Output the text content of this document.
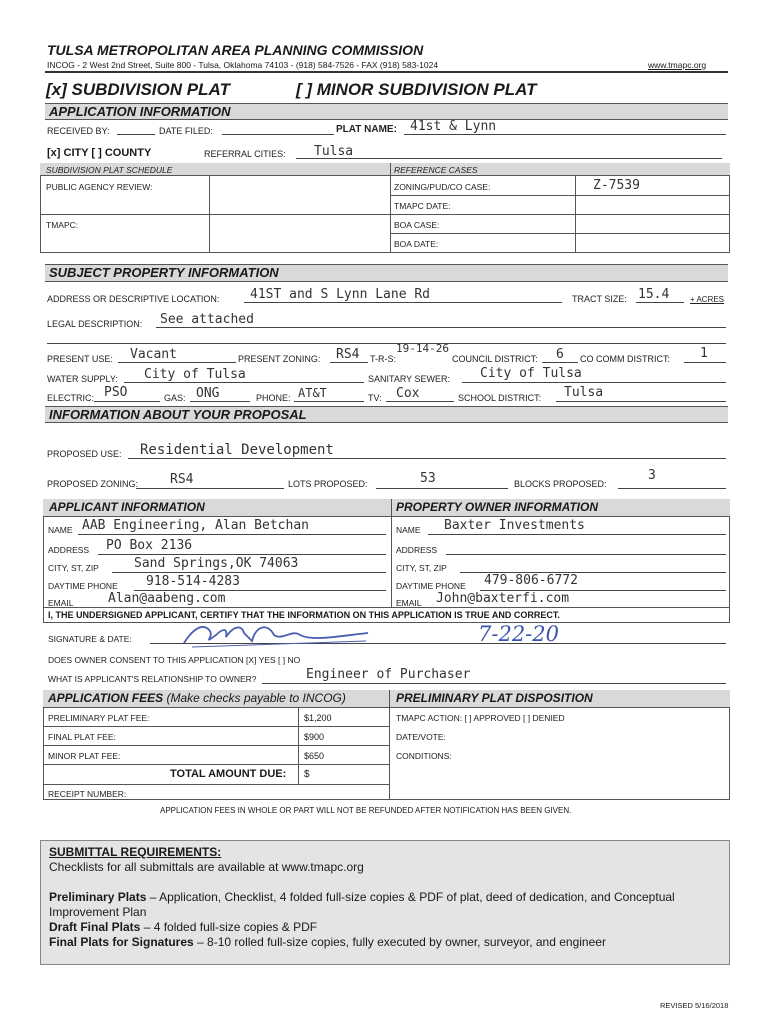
TULSA METROPOLITAN AREA PLANNING COMMISSION
INCOG - 2 West 2nd Street, Suite 800 - Tulsa, Oklahoma 74103 - (918) 584-7526 - FAX (918) 583-1024	www.tmapc.org
[x] SUBDIVISION PLAT	[ ] MINOR SUBDIVISION PLAT
APPLICATION INFORMATION
RECEIVED BY:	DATE FILED:	PLAT NAME: 41st & Lynn
[x] CITY [ ] COUNTY	REFERRAL CITIES: Tulsa
SUBDIVISION PLAT SCHEDULE	REFERENCE CASES
PUBLIC AGENCY REVIEW:
TMAPC:
ZONING/PUD/CO CASE:	Z-7539
TMAPC DATE:
BOA CASE:
BOA DATE:
SUBJECT PROPERTY INFORMATION
ADDRESS OR DESCRIPTIVE LOCATION: 41ST and S Lynn Lane Rd	TRACT SIZE: 15.4	+ ACRES
LEGAL DESCRIPTION: See attached
PRESENT USE: Vacant	PRESENT ZONING: RS4 T-R-S:
19-14-26
COUNCIL DISTRICT: 6 CO COMM DISTRICT: 1
WATER SUPPLY: City of Tulsa	SANITARY SEWER: City of Tulsa
ELECTRIC: PSO	GAS: ONG	PHONE: AT&T	TV: Cox	SCHOOL DISTRICT: Tulsa
INFORMATION ABOUT YOUR PROPOSAL
PROPOSED USE: Residential Development
PROPOSED ZONING: RS4	LOTS PROPOSED:	53	BLOCKS PROPOSED:
3
APPLICANT INFORMATION	PROPERTY OWNER INFORMATION
NAME AAB Engineering, Alan Betchan
ADDRESS PO Box 2136
CITY, ST, ZIP	Sand Springs,OK 74063
DAYTIME PHONE 918-514-4283
EMAIL	Alan@aabeng.com
NAME Baxter Investments
ADDRESS
CITY, ST, ZIP
DAYTIME PHONE 479-806-6772
EMAIL John@baxterfi.com
I, THE UNDERSIGNED APPLICANT, CERTIFY THAT THE INFORMATION ON THIS APPLICATION IS TRUE AND CORRECT.
SIGNATURE & DATE:	7-22-20
DOES OWNER CONSENT TO THIS APPLICATION [X] YES [ ] NO
WHAT IS APPLICANT'S RELATIONSHIP TO OWNER?	Engineer of Purchaser
APPLICATION FEES (Make checks payable to INCOG)	PRELIMINARY PLAT DISPOSITION
PRELIMINARY PLAT FEE:	$1,200
FINAL PLAT FEE:	$900
MINOR PLAT FEE:	$650
TOTAL AMOUNT DUE: $
RECEIPT NUMBER:
TMAPC ACTION: [ ] APPROVED [ ] DENIED
DATE/VOTE:
CONDITIONS:
APPLICATION FEES IN WHOLE OR PART WILL NOT BE REFUNDED AFTER NOTIFICATION HAS BEEN GIVEN.
SUBMITTAL REQUIREMENTS:
Checklists for all submittals are available at www.tmapc.org
Preliminary Plats – Application, Checklist, 4 folded full-size copies & PDF of plat, deed of dedication, and Conceptual Improvement Plan
Draft Final Plats – 4 folded full-size copies & PDF
Final Plats for Signatures – 8-10 rolled full-size copies, fully executed by owner, surveyor, and engineer
REVISED 5/16/2018
